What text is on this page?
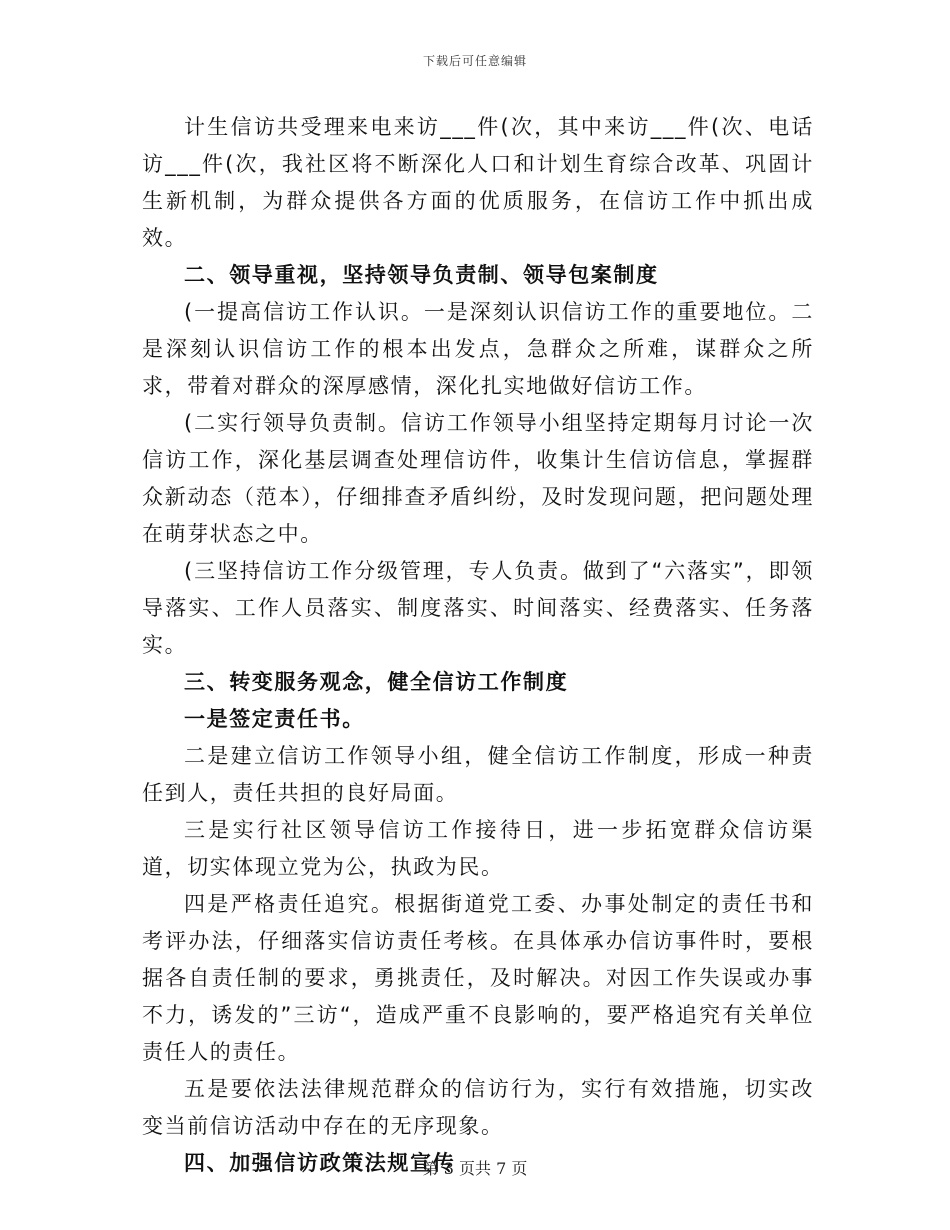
下载后可任意编辑

计生信访共受理来电来访___件(次，其中来访___件(次、电话访___件(次，我社区将不断深化人口和计划生育综合改革、巩固计生新机制，为群众提供各方面的优质服务，在信访工作中抓出成效。

二、领导重视，坚持领导负责制、领导包案制度

(一提高信访工作认识。一是深刻认识信访工作的重要地位。二是深刻认识信访工作的根本出发点，急群众之所难，谋群众之所求，带着对群众的深厚感情，深化扎实地做好信访工作。

(二实行领导负责制。信访工作领导小组坚持定期每月讨论一次信访工作，深化基层调查处理信访件，收集计生信访信息，掌握群众新动态（范本），仔细排查矛盾纠纷，及时发现问题，把问题处理在萌芽状态之中。

(三坚持信访工作分级管理，专人负责。做到了“六落实”，即领导落实、工作人员落实、制度落实、时间落实、经费落实、任务落实。

三、转变服务观念，健全信访工作制度

一是签定责任书。

二是建立信访工作领导小组，健全信访工作制度，形成一种责任到人，责任共担的良好局面。

三是实行社区领导信访工作接待日，进一步拓宽群众信访渠道，切实体现立党为公，执政为民。

四是严格责任追究。根据街道党工委、办事处制定的责任书和考评办法，仔细落实信访责任考核。在具体承办信访事件时，要根据各自责任制的要求，勇挑责任，及时解决。对因工作失误或办事不力，诱发的”三访“，造成严重不良影响的，要严格追究有关单位责任人的责任。

五是要依法法律规范群众的信访行为，实行有效措施，切实改变当前信访活动中存在的无序现象。

四、加强信访政策法规宣传

第 3 页共 7 页
